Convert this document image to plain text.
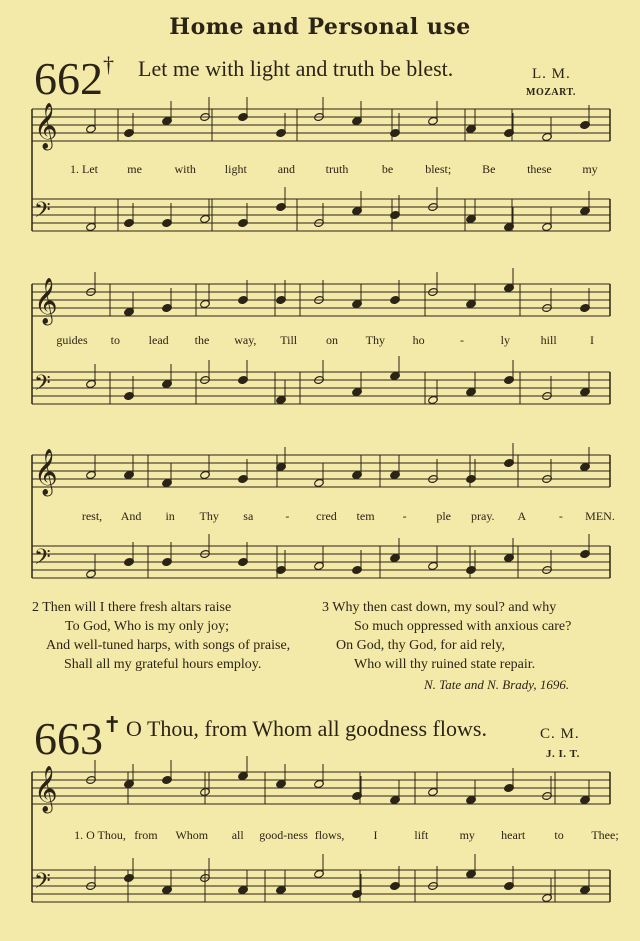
Home and Personal use
662† Let me with light and truth be blest.	L. M.
MOZART.
𝄞
𝄢
𝄞
𝄢
𝄞
𝄢
𝄞
𝄢
1. Let me	with light	and	truth	be	blest;	Be	these	my
guides to lead the way, Till on Thy ho	-	ly	hill	I
rest, And in Thy sa	- cred tem - ple pray. A	- MEN.
2 Then will I there fresh altars raise
To God, Who is my only joy;
And well-tuned harps, with songs of praise,
Shall all my grateful hours employ.
3 Why then cast down, my soul? and why
So much oppressed with anxious care?
On God, thy God, for aid rely,
Who will thy ruined state repair.
N. Tate and N. Brady, 1696.
663✝ O Thou, from Whom all goodness flows.	C. M.
J. I. T.
1. O Thou, from Whom all good-ness flows, I	lift	my heart to Thee;
